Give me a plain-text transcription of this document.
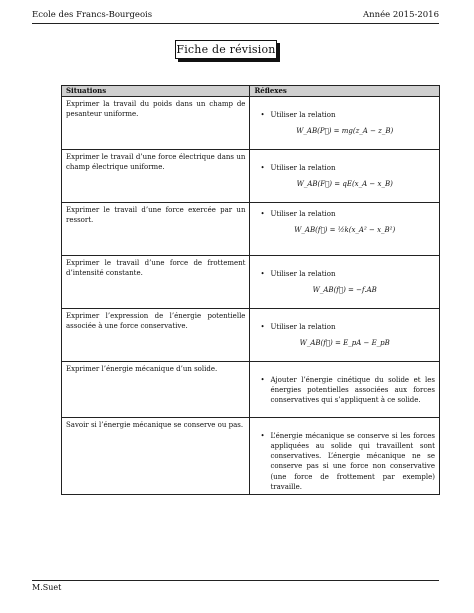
Ecole des Francs-Bourgeois	Année 2015-2016
Fiche de révision
Situations	Réflexes
Exprimer la travail du poids dans un champ de pesanteur uniforme.	• Utiliser la relation
W_AB(P⃗) = mg(z_A − z_B)

Exprimer le travail d’une force électrique dans un champ électrique uniforme.	• Utiliser la relation
W_AB(F⃗) = qE(x_A − x_B)

Exprimer le travail d’une force exercée par un ressort.	• Utiliser la relation
W_AB(f⃗) = ½k(x_A² − x_B²)

Exprimer le travail d’une force de frottement d’intensité constante.	• Utiliser la relation
W_AB(f⃗) = −f.AB

Exprimer l’expression de l’énergie potentielle associée à une force conservative.	• Utiliser la relation
W_AB(f⃗) = E_pA − E_pB

Exprimer l’énergie mécanique d’un solide.	• Ajouter l’énergie cinétique du solide et les énergies potentielles associées aux forces conservatives qui s’appliquent à ce solide.

Savoir si l’énergie mécanique se conserve ou pas.	• L’énergie mécanique se conserve si les forces appliquées au solide qui travaillent sont conservatives. L’énergie mécanique ne se conserve pas si une force non conservative (une force de frottement par exemple) travaille.
M.Suet
